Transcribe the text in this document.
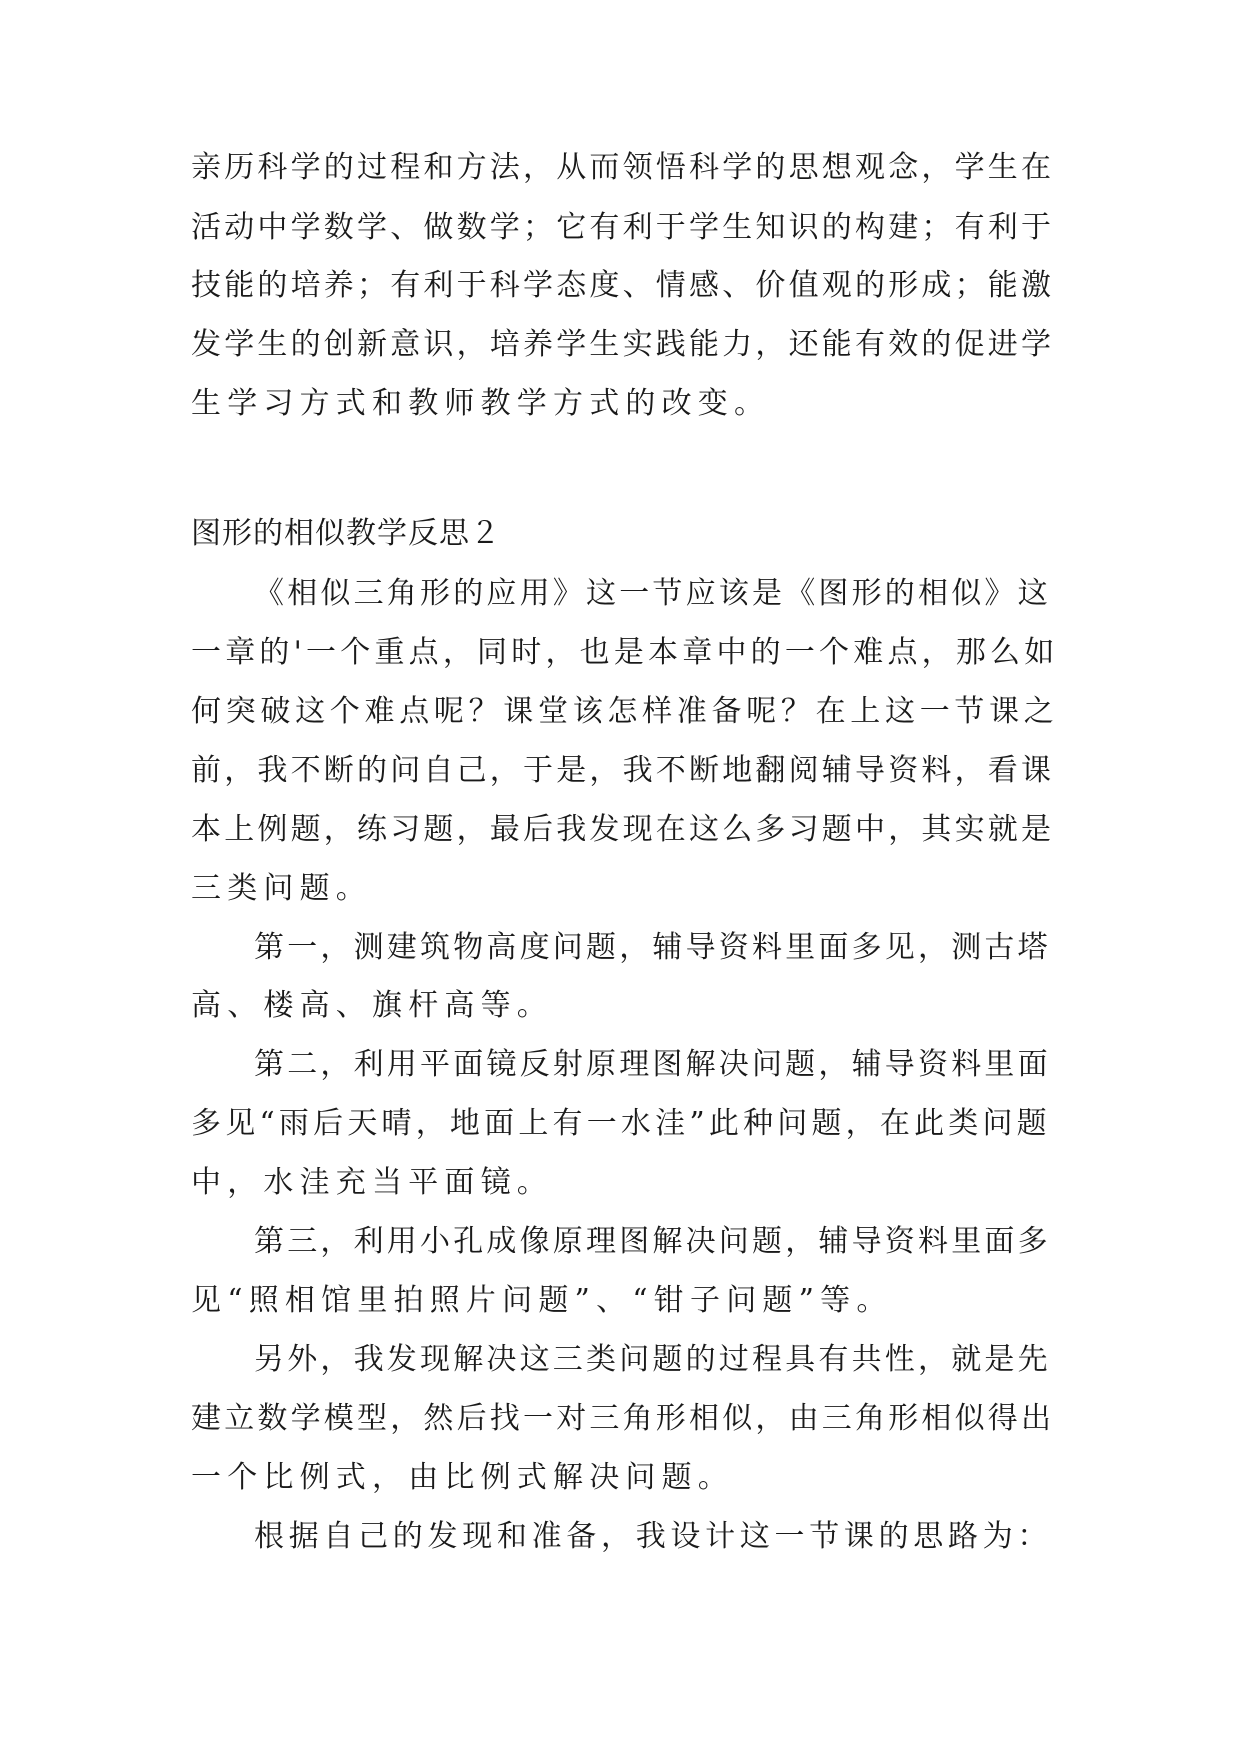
亲历科学的过程和方法，从而领悟科学的思想观念，学生在
活动中学数学、做数学；它有利于学生知识的构建；有利于
技能的培养；有利于科学态度、情感、价值观的形成；能激
发学生的创新意识，培养学生实践能力，还能有效的促进学
生学习方式和教师教学方式的改变。
图形的相似教学反思２
《相似三角形的应用》这一节应该是《图形的相似》这
一章的'一个重点，同时，也是本章中的一个难点，那么如
何突破这个难点呢？课堂该怎样准备呢？在上这一节课之
前，我不断的问自己，于是，我不断地翻阅辅导资料，看课
本上例题，练习题，最后我发现在这么多习题中，其实就是
三类问题。
第一，测建筑物高度问题，辅导资料里面多见，测古塔
高、楼高、旗杆高等。
第二，利用平面镜反射原理图解决问题，辅导资料里面
多见“雨后天晴，地面上有一水洼”此种问题，在此类问题
中，水洼充当平面镜。
第三，利用小孔成像原理图解决问题，辅导资料里面多
见“照相馆里拍照片问题”、“钳子问题”等。
另外，我发现解决这三类问题的过程具有共性，就是先
建立数学模型，然后找一对三角形相似，由三角形相似得出
一个比例式，由比例式解决问题。
根据自己的发现和准备，我设计这一节课的思路为：
